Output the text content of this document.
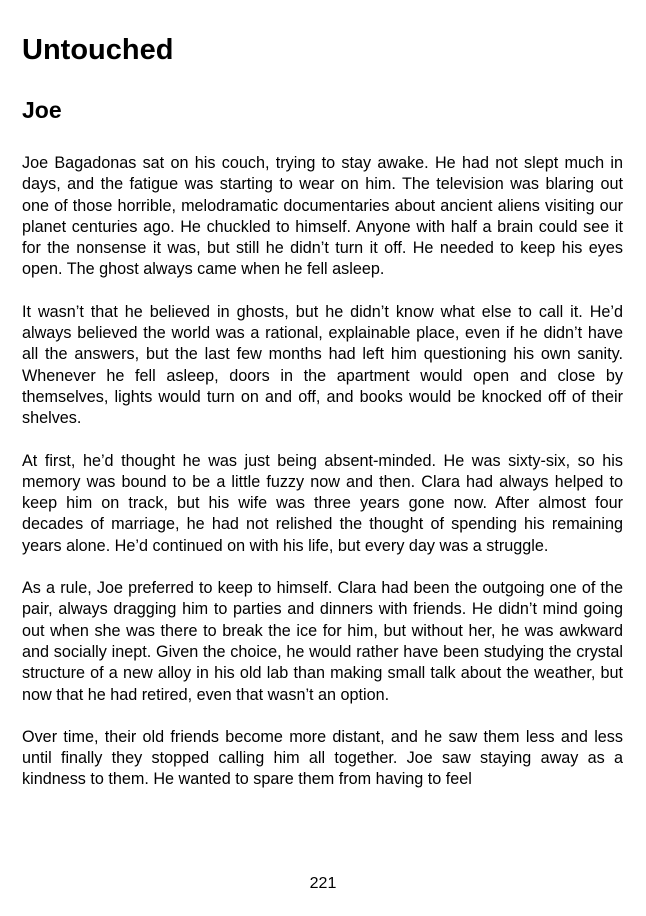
Untouched
Joe

Joe Bagadonas sat on his couch, trying to stay awake. He had not slept much in days, and the fatigue was starting to wear on him. The television was blaring out one of those horrible, melodramatic documentaries about ancient aliens visiting our planet centuries ago. He chuckled to himself. Anyone with half a brain could see it for the nonsense it was, but still he didn’t turn it off. He needed to keep his eyes open. The ghost always came when he fell asleep.

It wasn’t that he believed in ghosts, but he didn’t know what else to call it. He’d always believed the world was a rational, explainable place, even if he didn’t have all the answers, but the last few months had left him questioning his own sanity. Whenever he fell asleep, doors in the apartment would open and close by themselves, lights would turn on and off, and books would be knocked off of their shelves.

At first, he’d thought he was just being absent-minded. He was sixty-six, so his memory was bound to be a little fuzzy now and then. Clara had always helped to keep him on track, but his wife was three years gone now. After almost four decades of marriage, he had not relished the thought of spending his remaining years alone. He’d continued on with his life, but every day was a struggle.

As a rule, Joe preferred to keep to himself. Clara had been the outgoing one of the pair, always dragging him to parties and dinners with friends. He didn’t mind going out when she was there to break the ice for him, but without her, he was awkward and socially inept. Given the choice, he would rather have been studying the crystal structure of a new alloy in his old lab than making small talk about the weather, but now that he had retired, even that wasn’t an option.

Over time, their old friends become more distant, and he saw them less and less until finally they stopped calling him all together. Joe saw staying away as a kindness to them. He wanted to spare them from having to feel

221
